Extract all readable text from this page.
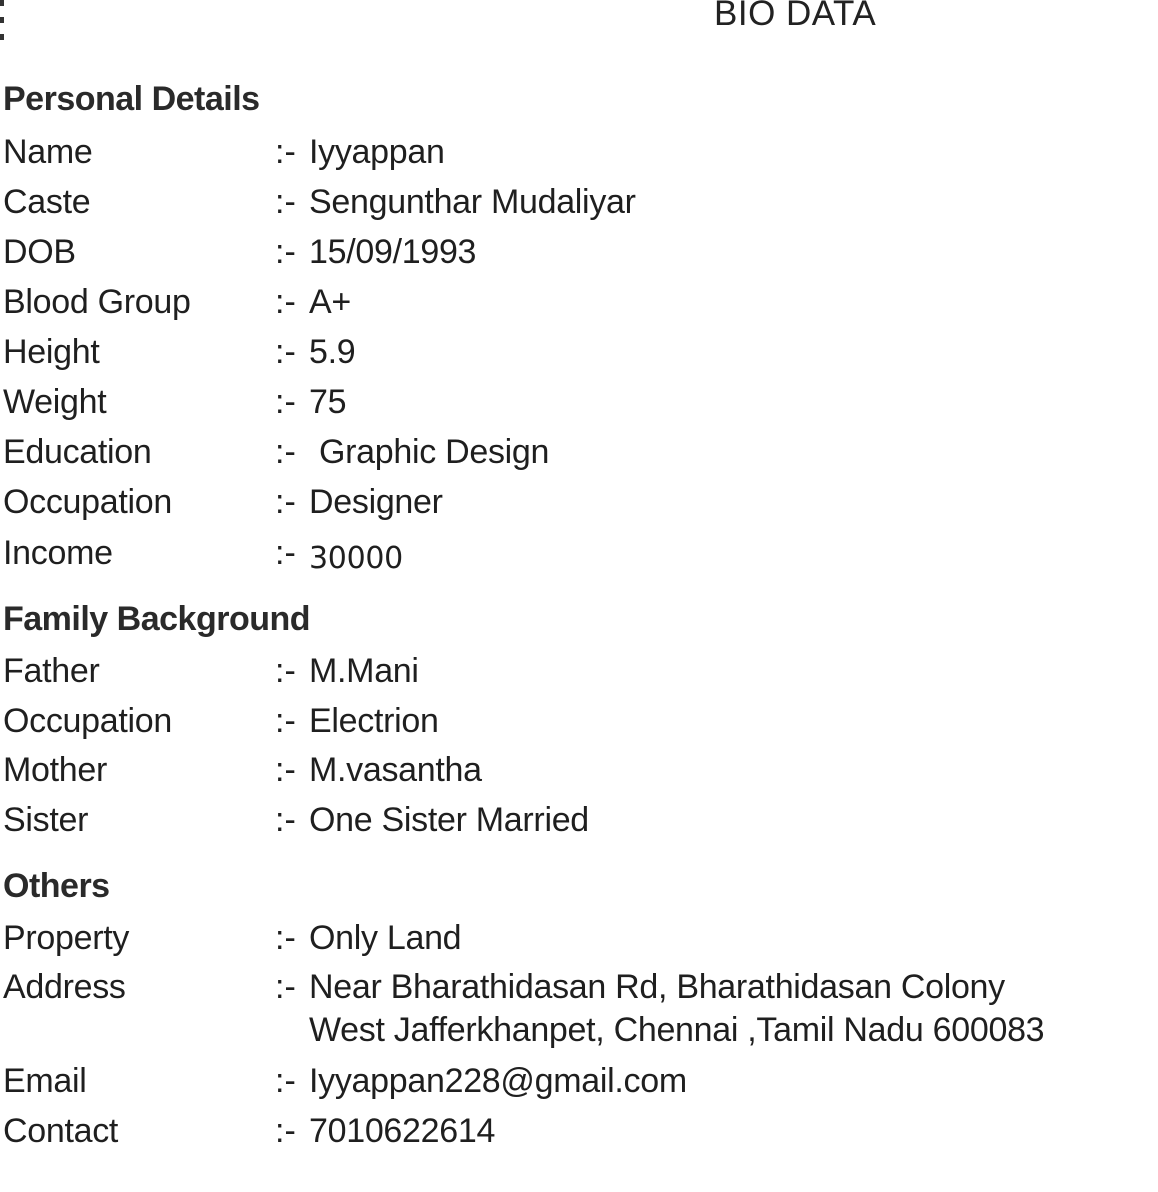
BIO DATA
Personal Details
Name	:- Iyyappan
Caste	:- Sengunthar Mudaliyar
DOB	:- 15/09/1993
Blood Group :- A+
Height	:- 5.9
Weight	:- 75
Education	:- Graphic Design
Occupation	:- Designer
Income	:- 30000
Family Background
Father	:- M.Mani
Occupation	:- Electrion
Mother	:- M.vasantha
Sister	:- One Sister Married
Others
Property	:- Only Land
Address	:- Near Bharathidasan Rd, Bharathidasan Colony
West Jafferkhanpet, Chennai ,Tamil Nadu 600083
Email	:- Iyyappan228@gmail.com
Contact	:- 7010622614
